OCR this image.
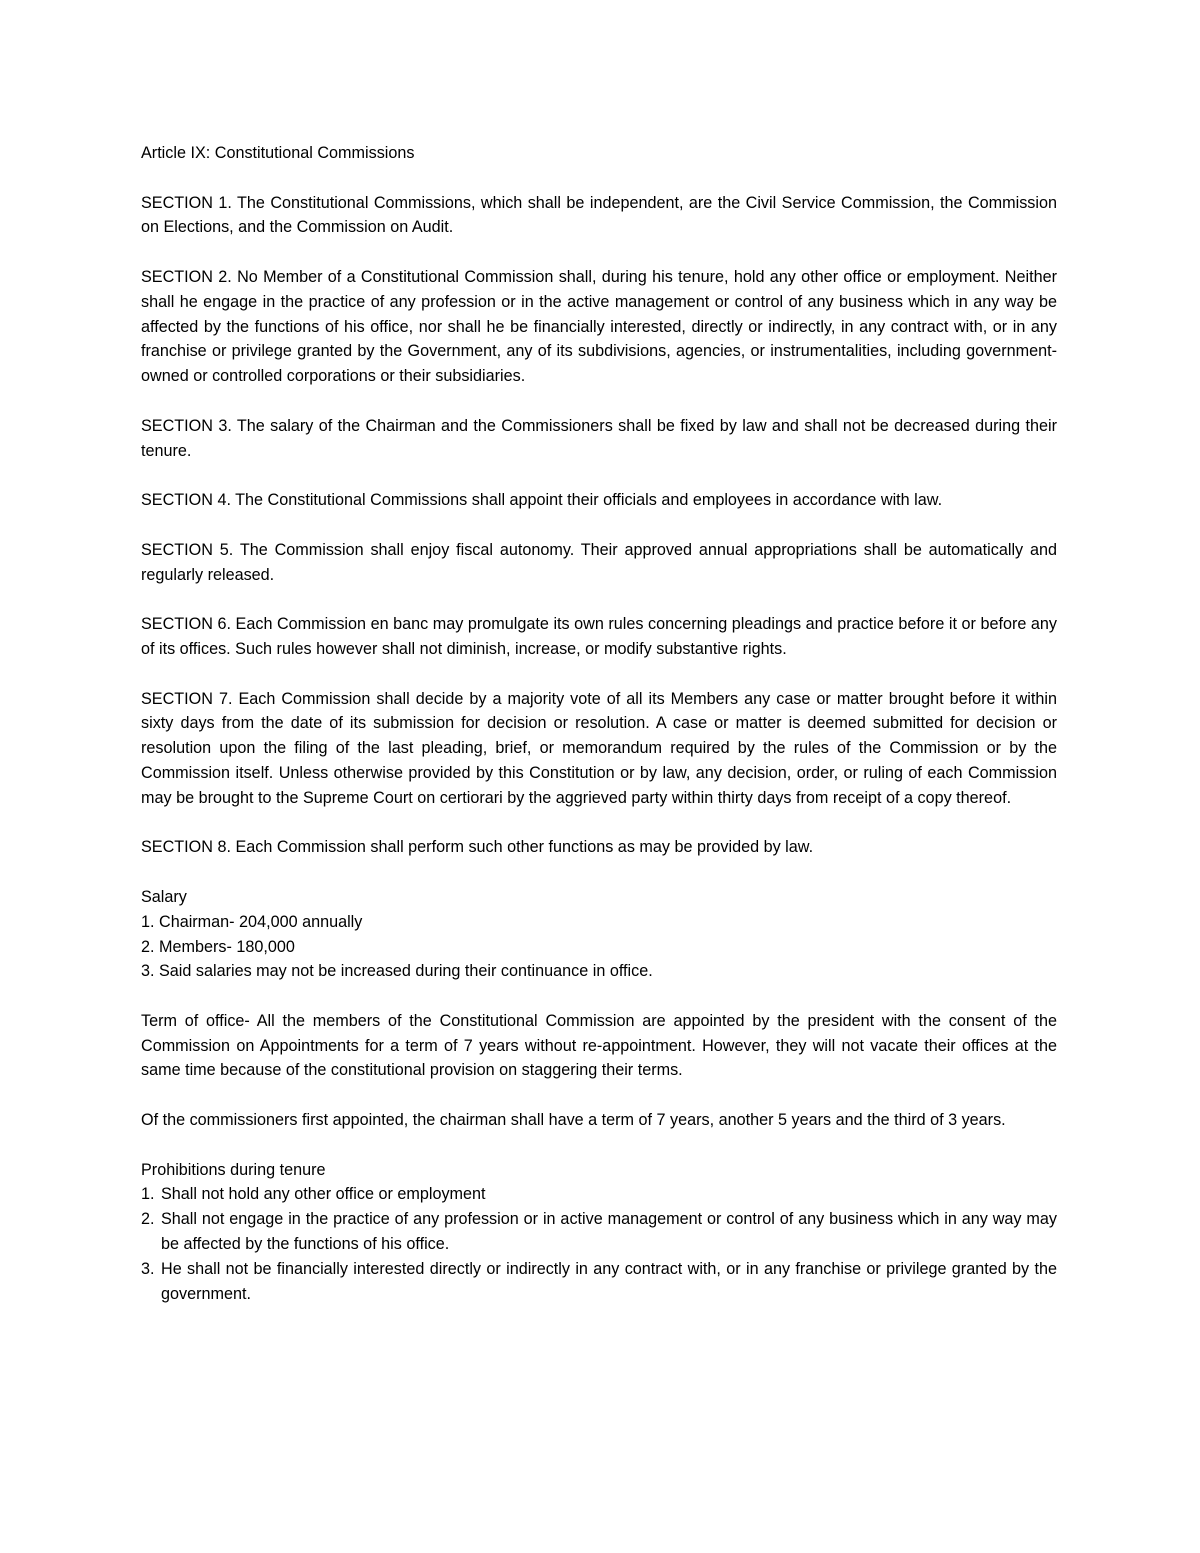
Article IX: Constitutional Commissions

SECTION 1. The Constitutional Commissions, which shall be independent, are the Civil Service Commission, the Commission on Elections, and the Commission on Audit.

SECTION 2. No Member of a Constitutional Commission shall, during his tenure, hold any other office or employment. Neither shall he engage in the practice of any profession or in the active management or control of any business which in any way be affected by the functions of his office, nor shall he be financially interested, directly or indirectly, in any contract with, or in any franchise or privilege granted by the Government, any of its subdivisions, agencies, or instrumentalities, including government-owned or controlled corporations or their subsidiaries.

SECTION 3. The salary of the Chairman and the Commissioners shall be fixed by law and shall not be decreased during their tenure.

SECTION 4. The Constitutional Commissions shall appoint their officials and employees in accordance with law.

SECTION 5. The Commission shall enjoy fiscal autonomy. Their approved annual appropriations shall be automatically and regularly released.

SECTION 6. Each Commission en banc may promulgate its own rules concerning pleadings and practice before it or before any of its offices. Such rules however shall not diminish, increase, or modify substantive rights.

SECTION 7. Each Commission shall decide by a majority vote of all its Members any case or matter brought before it within sixty days from the date of its submission for decision or resolution. A case or matter is deemed submitted for decision or resolution upon the filing of the last pleading, brief, or memorandum required by the rules of the Commission or by the Commission itself. Unless otherwise provided by this Constitution or by law, any decision, order, or ruling of each Commission may be brought to the Supreme Court on certiorari by the aggrieved party within thirty days from receipt of a copy thereof.

SECTION 8. Each Commission shall perform such other functions as may be provided by law.

Salary
1. Chairman- 204,000 annually
2. Members- 180,000
3. Said salaries may not be increased during their continuance in office.

Term of office- All the members of the Constitutional Commission are appointed by the president with the consent of the Commission on Appointments for a term of 7 years without re-appointment. However, they will not vacate their offices at the same time because of the constitutional provision on staggering their terms.

Of the commissioners first appointed, the chairman shall have a term of 7 years, another 5 years and the third of 3 years.

Prohibitions during tenure
1. Shall not hold any other office or employment
2. Shall not engage in the practice of any profession or in active management or control of any business which in any way may be affected by the functions of his office.
3. He shall not be financially interested directly or indirectly in any contract with, or in any franchise or privilege granted by the government.
